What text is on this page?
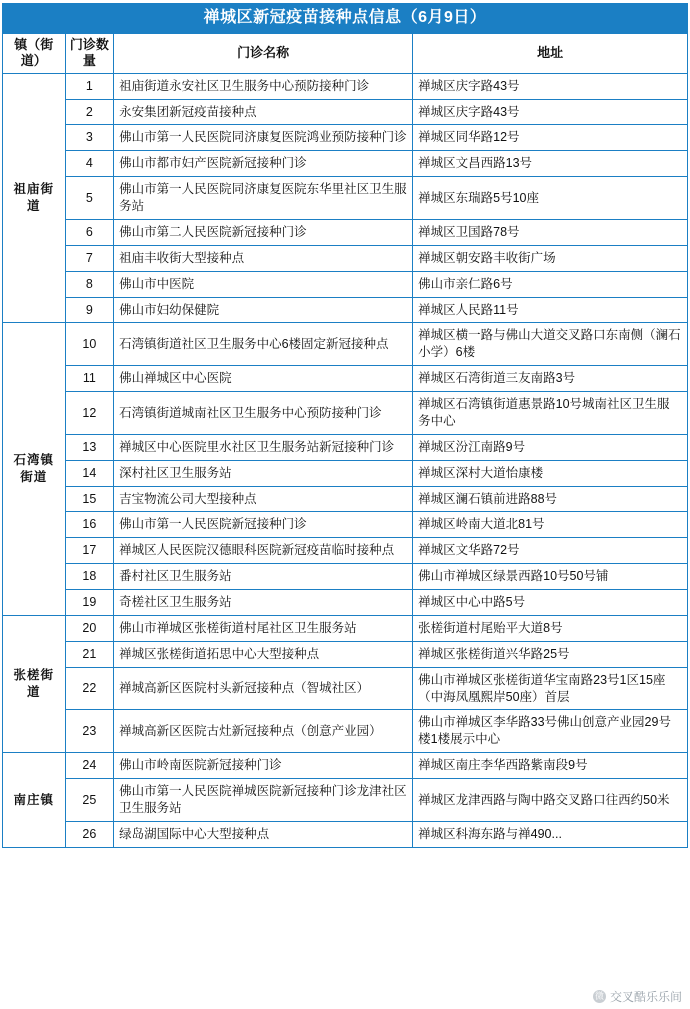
禅城区新冠疫苗接种点信息（6月9日）
镇（街道）	门诊数量	门诊名称	地址
祖庙街道	1	祖庙街道永安社区卫生服务中心预防接种门诊	禅城区庆字路43号
	2	永安集团新冠疫苗接种点	禅城区庆字路43号
	3	佛山市第一人民医院同济康复医院鸿业预防接种门诊	禅城区同华路12号
	4	佛山市都市妇产医院新冠接种门诊	禅城区文昌西路13号
	5	佛山市第一人民医院同济康复医院东华里社区卫生服务站	禅城区东瑞路5号10座
	6	佛山市第二人民医院新冠接种门诊	禅城区卫国路78号
	7	祖庙丰收街大型接种点	禅城区朝安路丰收街广场
	8	佛山市中医院	佛山市亲仁路6号
	9	佛山市妇幼保健院	禅城区人民路11号
石湾镇街道	10	石湾镇街道社区卫生服务中心6楼固定新冠接种点	禅城区横一路与佛山大道交叉路口东南侧（澜石小学）6楼
	11	佛山禅城区中心医院	禅城区石湾街道三友南路3号
	12	石湾镇街道城南社区卫生服务中心预防接种门诊	禅城区石湾镇街道惠景路10号城南社区卫生服务中心
	13	禅城区中心医院里水社区卫生服务站新冠接种门诊	禅城区汾江南路9号
	14	深村社区卫生服务站	禅城区深村大道怡康楼
	15	吉宝物流公司大型接种点	禅城区澜石镇前进路88号
	16	佛山市第一人民医院新冠接种门诊	禅城区岭南大道北81号
	17	禅城区人民医院汉德眼科医院新冠疫苗临时接种点	禅城区文华路72号
	18	番村社区卫生服务站	佛山市禅城区绿景西路10号50号铺
	19	奇槎社区卫生服务站	禅城区中心中路5号
张槎街道	20	佛山市禅城区张槎街道村尾社区卫生服务站	张槎街道村尾贻平大道8号
	21	禅城区张槎街道拓思中心大型接种点	禅城区张槎街道兴华路25号
	22	禅城高新区医院村头新冠接种点（智城社区）	佛山市禅城区张槎街道华宝南路23号1区15座（中海凤凰熙岸50座）首层
	23	禅城高新区医院古灶新冠接种点（创意产业园）	佛山市禅城区李华路33号佛山创意产业园29号楼1楼展示中心
南庄镇	24	佛山市岭南医院新冠接种门诊	禅城区南庄李华西路紫南段9号
	25	佛山市第一人民医院禅城医院新冠接种门诊龙津社区卫生服务站	禅城区龙津西路与陶中路交叉路口往西约50米
	26	绿岛湖国际中心大型接种点	禅城区科海东路与禅490...
微 交叉酷乐乐间
